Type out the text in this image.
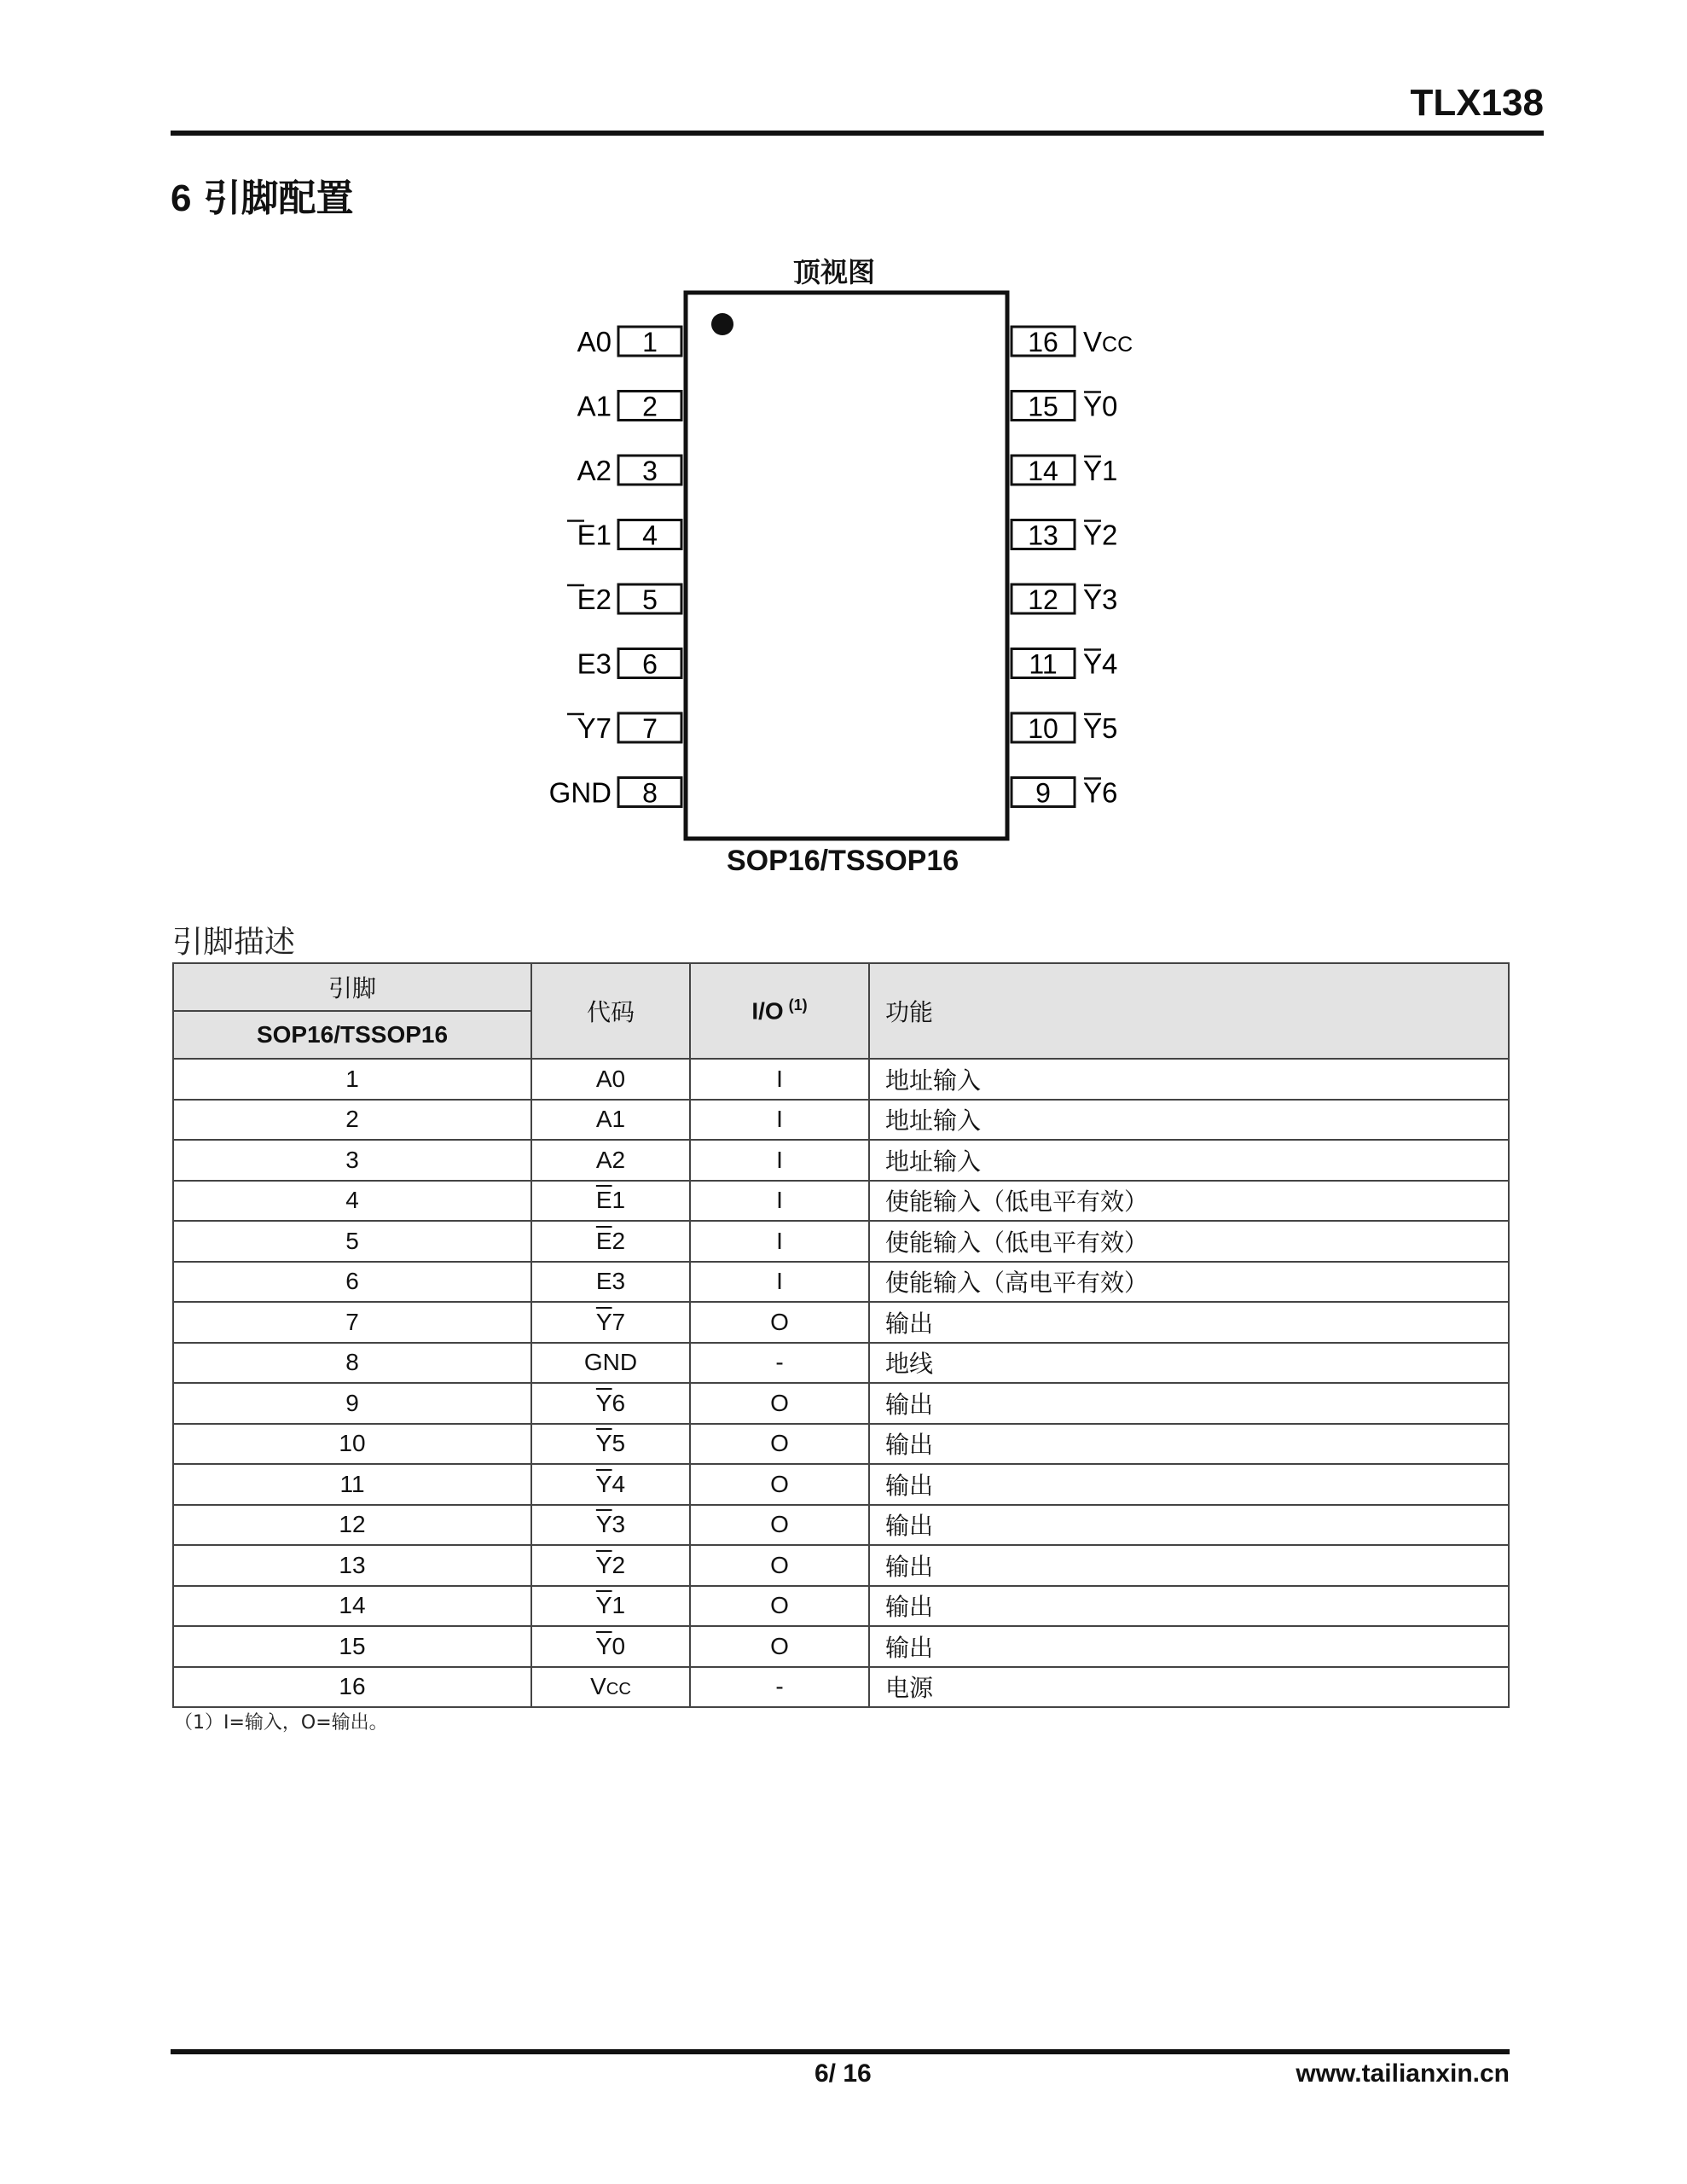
TLX138
6 引脚配置
顶视图
1
A0
2
A1
3
A2
4
E1
5
E2
6
E3
7
Y7
8
GND
16 VCC
15 Y0
14 Y1
13 Y2
12 Y3
11 Y4
10 Y5
9 Y6
SOP16/TSSOP16
引脚描述
引脚	代码	I/O $^{(1)}$	功能
SOP16/TSSOP16			
1	A0	I	地址输入
2	A1	I	地址输入
3	A2	I	地址输入
4	$\overline{E}1$	I	使能输入（低电平有效）
5	$\overline{E}2$	I	使能输入（低电平有效）
6	E3	I	使能输入（高电平有效）
7	$\overline{Y}7$	O	输出
8	GND	-	地线
9	$\overline{Y}6$	O	输出
10	$\overline{Y}5$	O	输出
11	$\overline{Y}4$	O	输出
12	$\overline{Y}3$	O	输出
13	$\overline{Y}2$	O	输出
14	$\overline{Y}1$	O	输出
15	$\overline{Y}0$	O	输出
16	VCC	-	电源
（1）I=输入，O=输出。
6/ 16	www.tailianxin.cn
